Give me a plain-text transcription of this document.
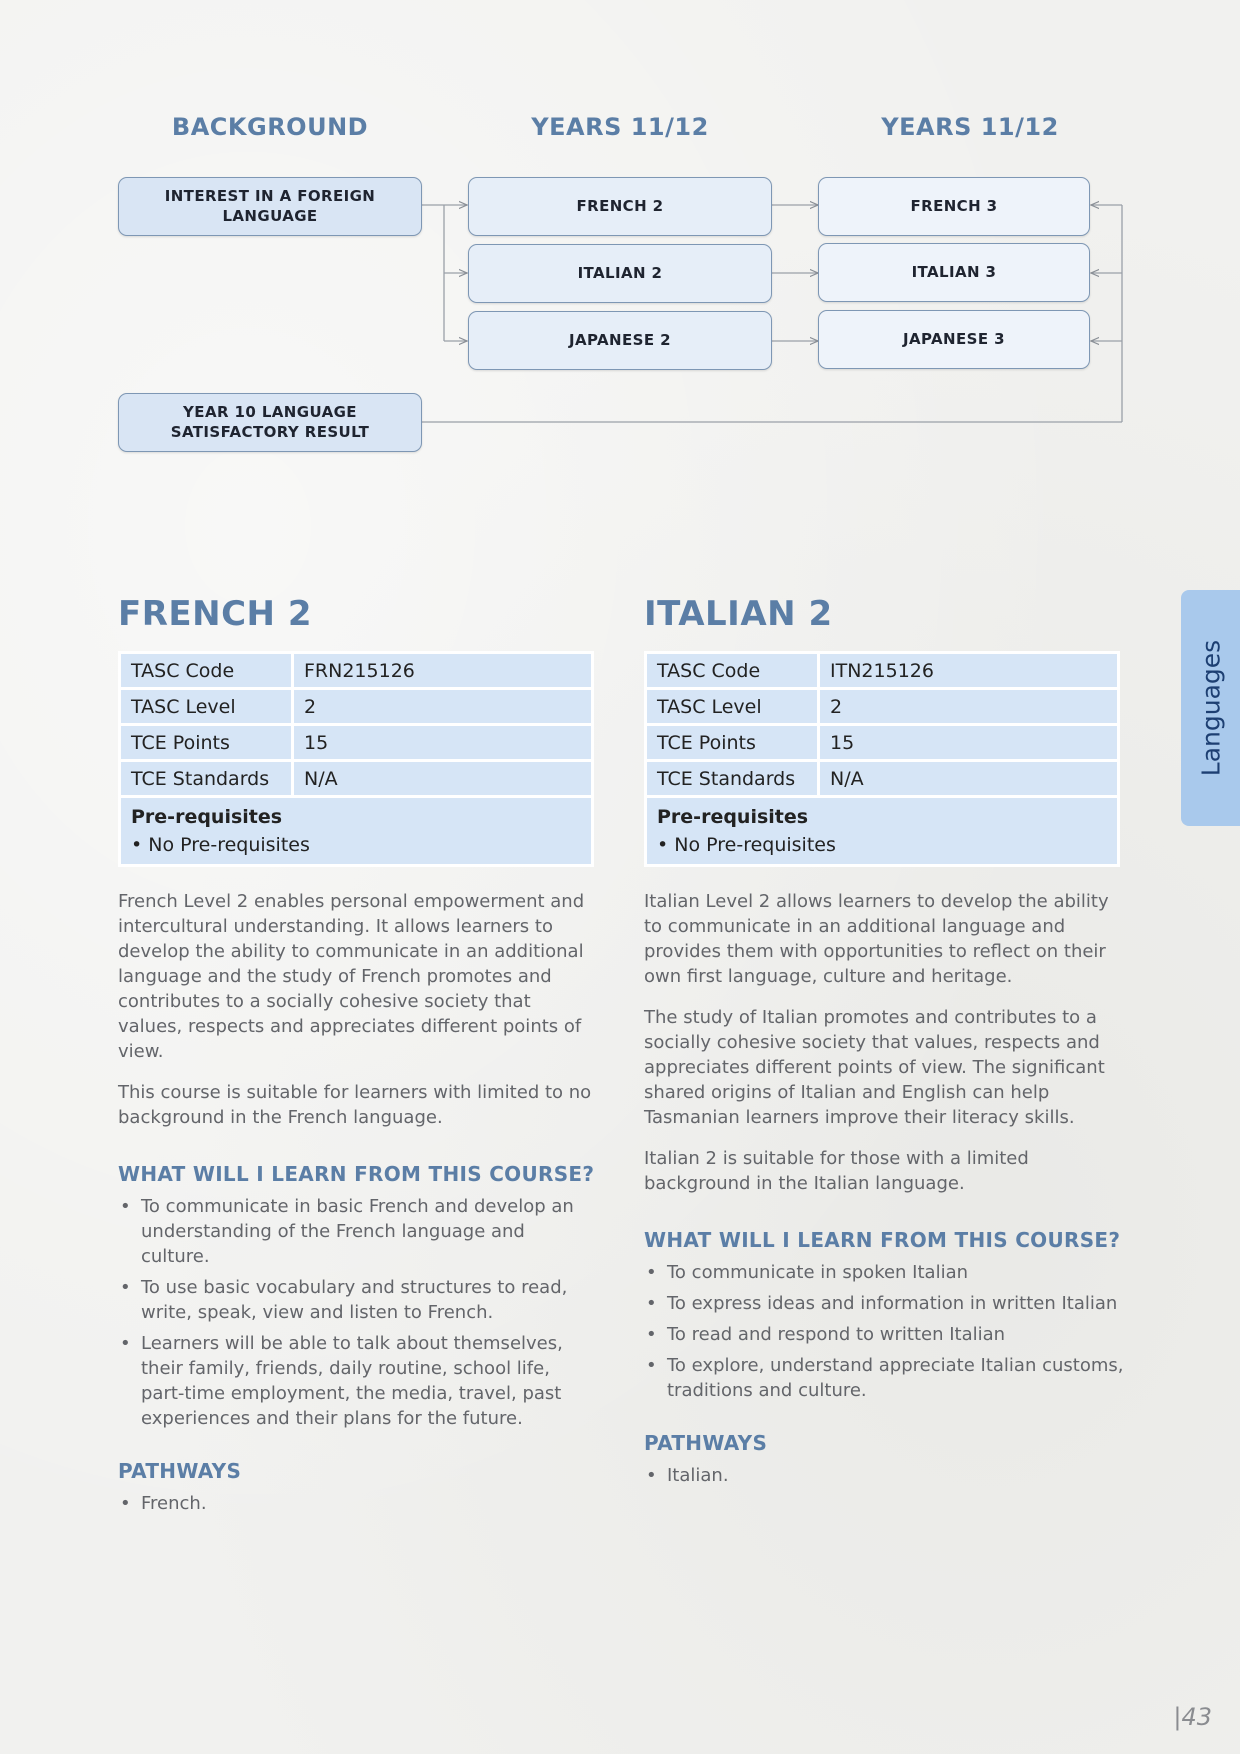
BACKGROUND	YEARS 11/12	YEARS 11/12
INTEREST IN A FOREIGN LANGUAGE
YEAR 10 LANGUAGE SATISFACTORY RESULT
FRENCH 2
ITALIAN 2
JAPANESE 2
FRENCH 3
ITALIAN 3
JAPANESE 3
FRENCH 2
TASC Code	FRN215126
TASC Level	2
TCE Points	15
TCE Standards	N/A

Pre-requisites
• No Pre-requisites

French Level 2 enables personal empowerment and intercultural understanding. It allows learners to develop the ability to communicate in an additional language and the study of French promotes and contributes to a socially cohesive society that values, respects and appreciates different points of view.

This course is suitable for learners with limited to no background in the French language.

WHAT WILL I LEARN FROM THIS COURSE?
• To communicate in basic French and develop an understanding of the French language and culture.
• To use basic vocabulary and structures to read, write, speak, view and listen to French.
• Learners will be able to talk about themselves, their family, friends, daily routine, school life, part-time employment, the media, travel, past experiences and their plans for the future.
PATHWAYS
• French.
ITALIAN 2
TASC Code	ITN215126
TASC Level	2
TCE Points	15
TCE Standards	N/A

Pre-requisites
• No Pre-requisites

Italian Level 2 allows learners to develop the ability to communicate in an additional language and provides them with opportunities to reflect on their own first language, culture and heritage.

The study of Italian promotes and contributes to a socially cohesive society that values, respects and appreciates different points of view. The significant shared origins of Italian and English can help Tasmanian learners improve their literacy skills.

Italian 2 is suitable for those with a limited background in the Italian language.

WHAT WILL I LEARN FROM THIS COURSE?
• To communicate in spoken Italian
• To express ideas and information in written Italian
• To read and respond to written Italian
• To explore, understand appreciate Italian customs, traditions and culture.
PATHWAYS
• Italian.
Languages
|43
